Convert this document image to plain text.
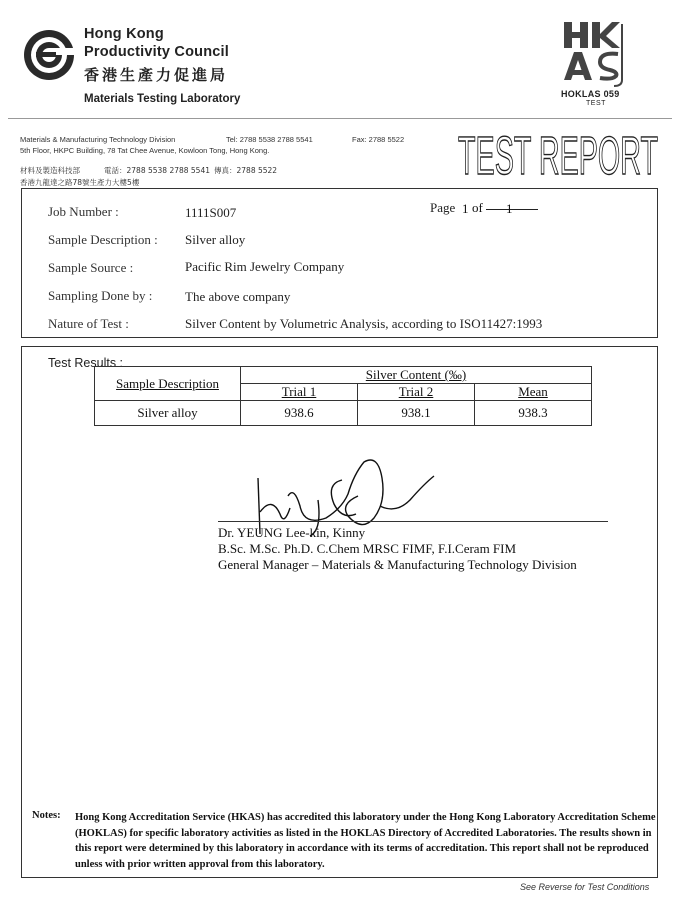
Hong Kong
Productivity Council
香港生產力促進局
Materials Testing Laboratory	HOKLAS 059
TEST
Materials & Manufacturing Technology Division	Tel: 2788 5538 2788 5541	Fax: 2788 5522
5th Floor, HKPC Building, 78 Tat Chee Avenue, Kowloon Tong, Hong Kong.
材料及製造科技部	電話：2788 5538 2788 5541 傳真：2788 5522
香港九龍達之路78號生產力大樓5樓	TEST REPORT
Job Number :	1111S007	Page 1 of 1
Sample Description : Silver alloy
Sample Source :	Pacific Rim Jewelry Company
Sampling Done by :	The above company
Nature of Test :	Silver Content by Volumetric Analysis, according to ISO11427:1993
Test Results :
Sample Description	Silver Content (‰)		
	Trial 1	Trial 2	Mean
Silver alloy	938.6	938.1	938.3
Dr. YEUNG Lee-kin, Kinny
B.Sc. M.Sc. Ph.D. C.Chem MRSC FIMF, F.I.Ceram FIM
General Manager – Materials & Manufacturing Technology Division
Notes: Hong Kong Accreditation Service (HKAS) has accredited this laboratory under the Hong Kong Laboratory Accreditation Scheme (HOKLAS) for specific laboratory activities as listed in the HOKLAS Directory of Accredited Laboratories. The results shown in this report were determined by this laboratory in accordance with its terms of accreditation. This report shall not be reproduced unless with prior written approval from this laboratory.
See Reverse for Test Conditions
